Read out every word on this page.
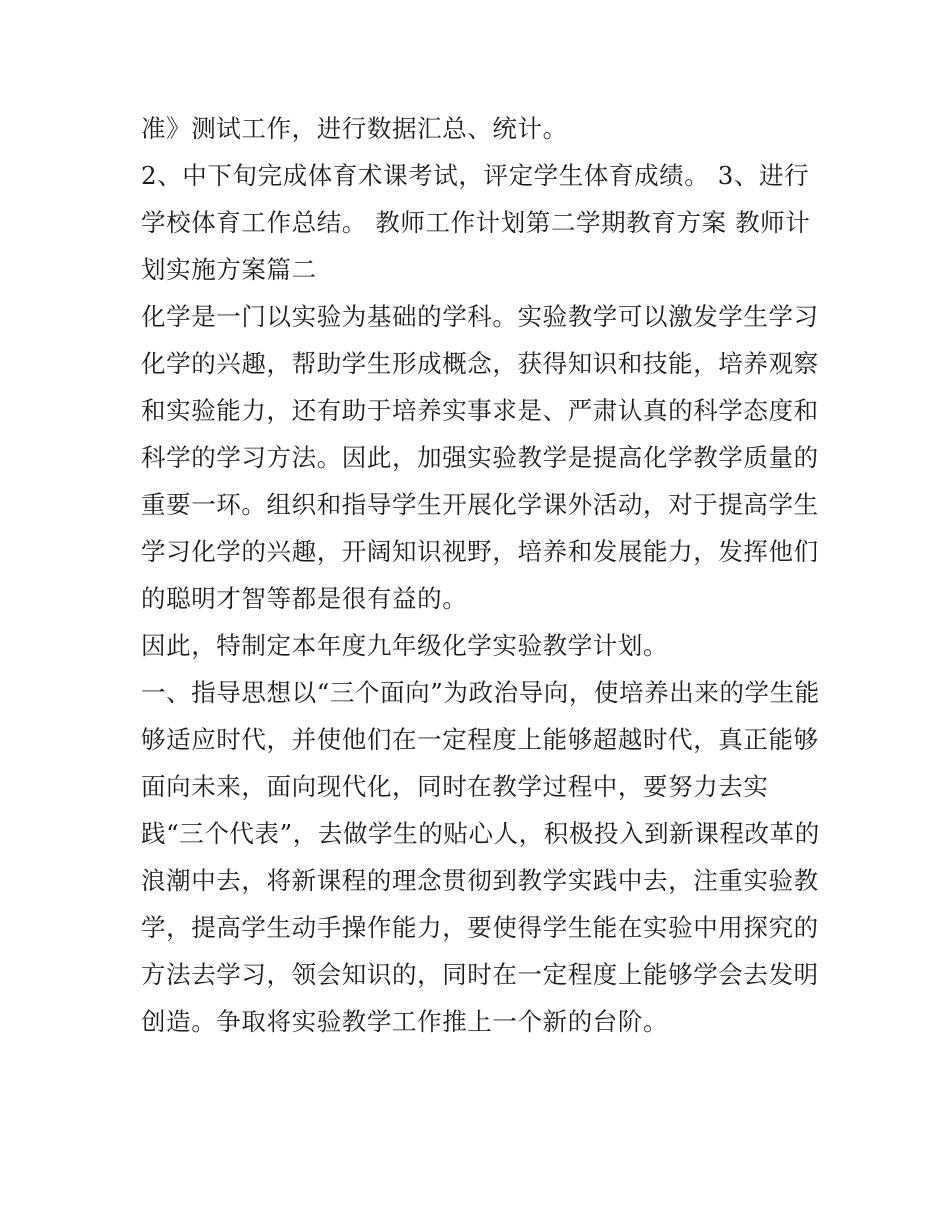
准》测试工作，进行数据汇总、统计。
2、中下旬完成体育术课考试，评定学生体育成绩。 3、进行
学校体育工作总结。 教师工作计划第二学期教育方案 教师计
划实施方案篇二
化学是一门以实验为基础的学科。实验教学可以激发学生学习
化学的兴趣，帮助学生形成概念，获得知识和技能，培养观察
和实验能力，还有助于培养实事求是、严肃认真的科学态度和
科学的学习方法。因此，加强实验教学是提高化学教学质量的
重要一环。组织和指导学生开展化学课外活动，对于提高学生
学习化学的兴趣，开阔知识视野，培养和发展能力，发挥他们
的聪明才智等都是很有益的。
因此，特制定本年度九年级化学实验教学计划。
一、指导思想以“三个面向”为政治导向，使培养出来的学生能
够适应时代，并使他们在一定程度上能够超越时代，真正能够
面向未来，面向现代化，同时在教学过程中，要努力去实
践“三个代表”，去做学生的贴心人，积极投入到新课程改革的
浪潮中去，将新课程的理念贯彻到教学实践中去，注重实验教
学，提高学生动手操作能力，要使得学生能在实验中用探究的
方法去学习，领会知识的，同时在一定程度上能够学会去发明
创造。争取将实验教学工作推上一个新的台阶。
